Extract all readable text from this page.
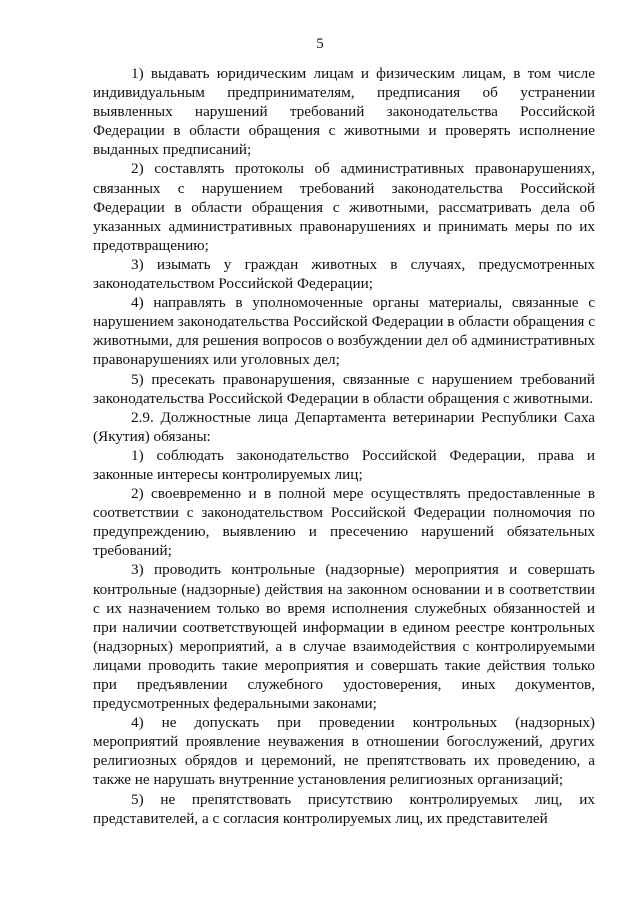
5

1) выдавать юридическим лицам и физическим лицам, в том числе индивидуальным предпринимателям, предписания об устранении выявленных нарушений требований законодательства Российской Федерации в области обращения с животными и проверять исполнение выданных предписаний;

2) составлять протоколы об административных правонарушениях, связанных с нарушением требований законодательства Российской Федерации в области обращения с животными, рассматривать дела об указанных административных правонарушениях и принимать меры по их предотвращению;

3) изымать у граждан животных в случаях, предусмотренных законодательством Российской Федерации;

4) направлять в уполномоченные органы материалы, связанные с нарушением законодательства Российской Федерации в области обращения с животными, для решения вопросов о возбуждении дел об административных правонарушениях или уголовных дел;

5) пресекать правонарушения, связанные с нарушением требований законодательства Российской Федерации в области обращения с животными.

2.9. Должностные лица Департамента ветеринарии Республики Саха (Якутия) обязаны:

1) соблюдать законодательство Российской Федерации, права и законные интересы контролируемых лиц;

2) своевременно и в полной мере осуществлять предоставленные в соответствии с законодательством Российской Федерации полномочия по предупреждению, выявлению и пресечению нарушений обязательных требований;

3) проводить контрольные (надзорные) мероприятия и совершать контрольные (надзорные) действия на законном основании и в соответствии с их назначением только во время исполнения служебных обязанностей и при наличии соответствующей информации в едином реестре контрольных (надзорных) мероприятий, а в случае взаимодействия с контролируемыми лицами проводить такие мероприятия и совершать такие действия только при предъявлении служебного удостоверения, иных документов, предусмотренных федеральными законами;

4) не допускать при проведении контрольных (надзорных) мероприятий проявление неуважения в отношении богослужений, других религиозных обрядов и церемоний, не препятствовать их проведению, а также не нарушать внутренние установления религиозных организаций;

5) не препятствовать присутствию контролируемых лиц, их представителей, а с согласия контролируемых лиц, их представителей
